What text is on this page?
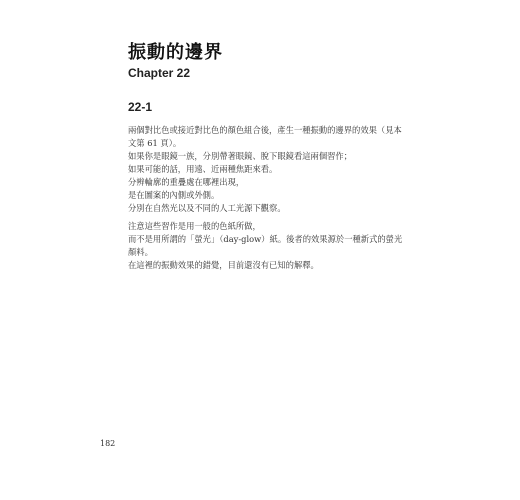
振動的邊界
Chapter 22
22-1

兩個對比色或接近對比色的顏色組合後，產生一種振動的邊界的效果（見本
文第 61 頁）。
如果你是眼鏡一族，分別帶著眼鏡、脫下眼鏡看這兩個習作；
如果可能的話，用遠、近兩種焦距來看。
分辨輪廓的重疊處在哪裡出現，
是在圖案的內側或外側。
分別在自然光以及不同的人工光源下觀察。

注意這些習作是用一般的色紙所做，
而不是用所謂的「螢光」（day-glow）紙。後者的效果源於一種新式的螢光
顏料。
在這裡的振動效果的錯覺，目前還沒有已知的解釋。

182
